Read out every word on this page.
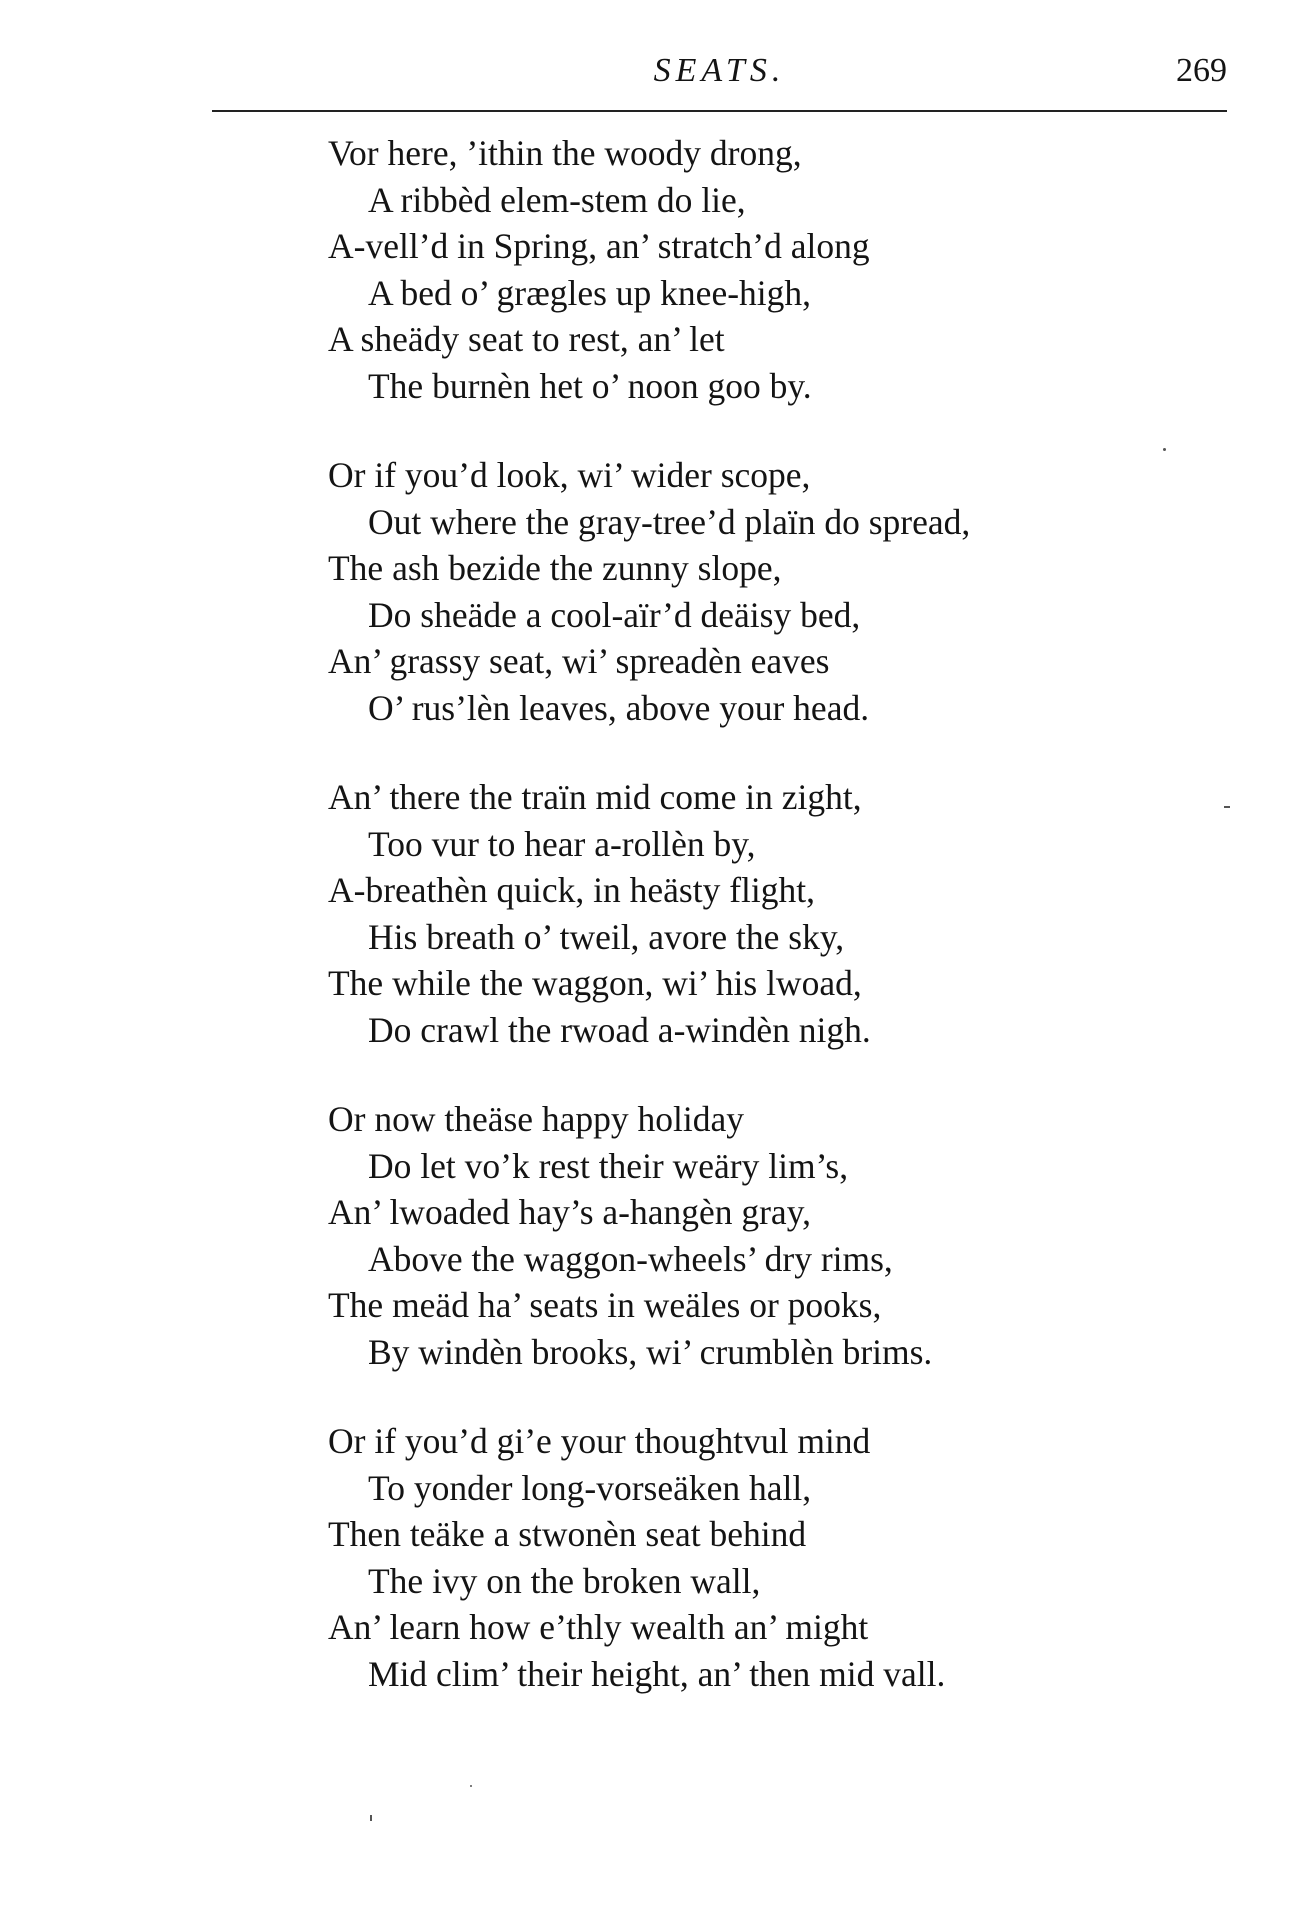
SEATS.	269
Vor here, ’ithin the woody drong,
A ribbèd elem-stem do lie,
A-vell’d in Spring, an’ stratch’d along
A bed o’ grægles up knee-high,
A sheädy seat to rest, an’ let
The burnèn het o’ noon goo by.
Or if you’d look, wi’ wider scope,
Out where the gray-tree’d plaïn do spread,
The ash bezide the zunny slope,
Do sheäde a cool-aïr’d deäisy bed,
An’ grassy seat, wi’ spreadèn eaves
O’ rus’lèn leaves, above your head.
An’ there the traïn mid come in zight,
Too vur to hear a-rollèn by,
A-breathèn quick, in heästy flight,
His breath o’ tweil, avore the sky,
The while the waggon, wi’ his lwoad,
Do crawl the rwoad a-windèn nigh.
Or now theäse happy holiday
Do let vo’k rest their weäry lim’s,
An’ lwoaded hay’s a-hangèn gray,
Above the waggon-wheels’ dry rims,
The meäd ha’ seats in weäles or pooks,
By windèn brooks, wi’ crumblèn brims.
Or if you’d gi’e your thoughtvul mind
To yonder long-vorseäken hall,
Then teäke a stwonèn seat behind
The ivy on the broken wall,
An’ learn how e’thly wealth an’ might
Mid clim’ their height, an’ then mid vall.
